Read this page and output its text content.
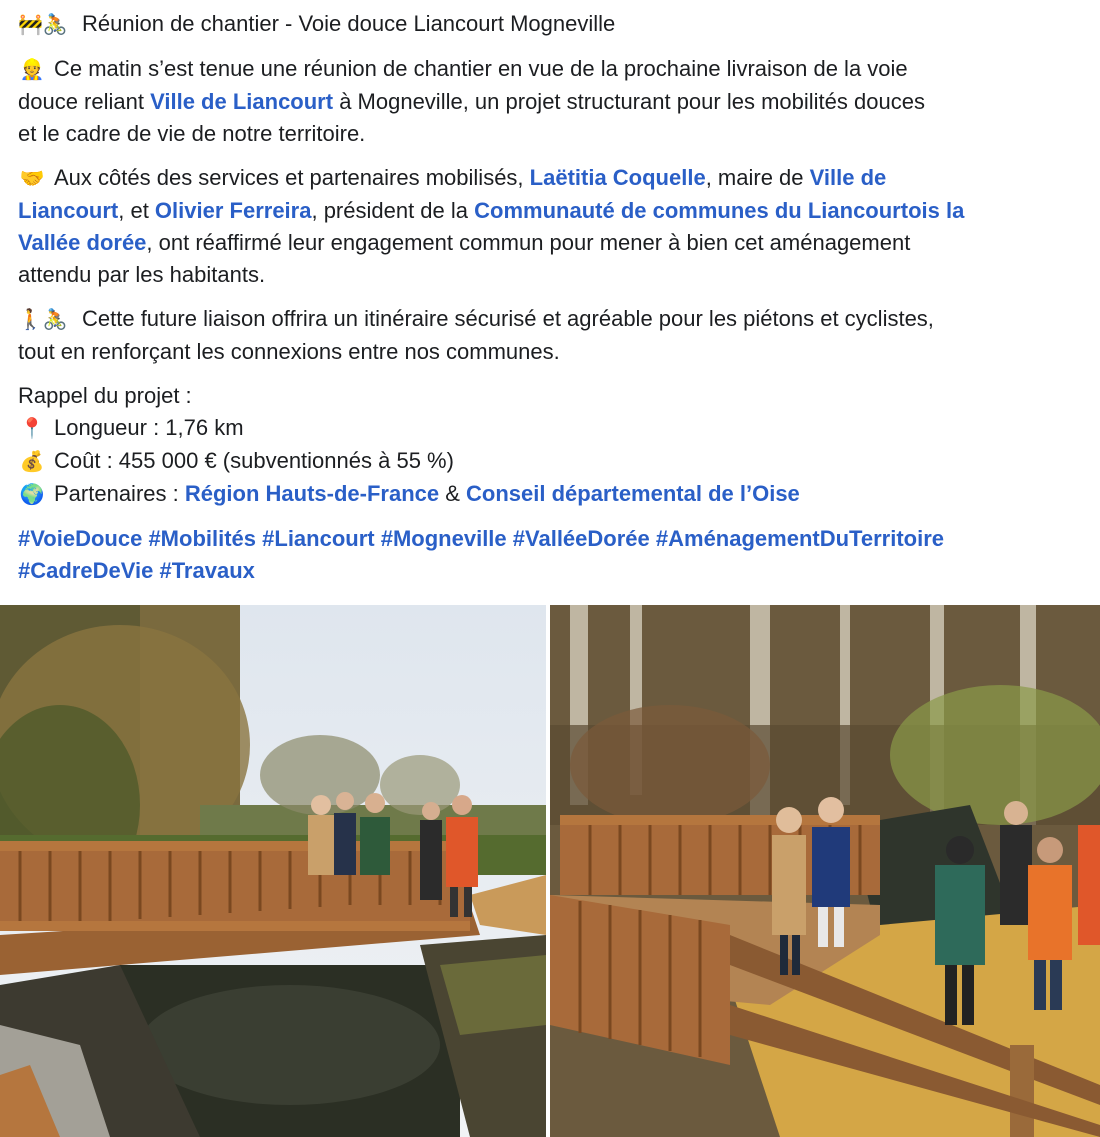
🚧🚴 Réunion de chantier - Voie douce Liancourt Mogneville
👷 Ce matin s’est tenue une réunion de chantier en vue de la prochaine livraison de la voie
douce reliant Ville de Liancourt à Mogneville, un projet structurant pour les mobilités douces
et le cadre de vie de notre territoire.
🤝 Aux côtés des services et partenaires mobilisés, Laëtitia Coquelle, maire de Ville de
Liancourt, et Olivier Ferreira, président de la Communauté de communes du Liancourtois la
Vallée dorée, ont réaffirmé leur engagement commun pour mener à bien cet aménagement
attendu par les habitants.
🚶🚴 Cette future liaison offrira un itinéraire sécurisé et agréable pour les piétons et cyclistes,
tout en renforçant les connexions entre nos communes.
Rappel du projet :
📍 Longueur : 1,76 km
💰 Coût : 455 000 € (subventionnés à 55 %)
🌍 Partenaires : Région Hauts-de-France & Conseil départemental de l’Oise
#VoieDouce #Mobilités #Liancourt #Mogneville #ValléeDorée #AménagementDuTerritoire
#CadreDeVie #Travaux
